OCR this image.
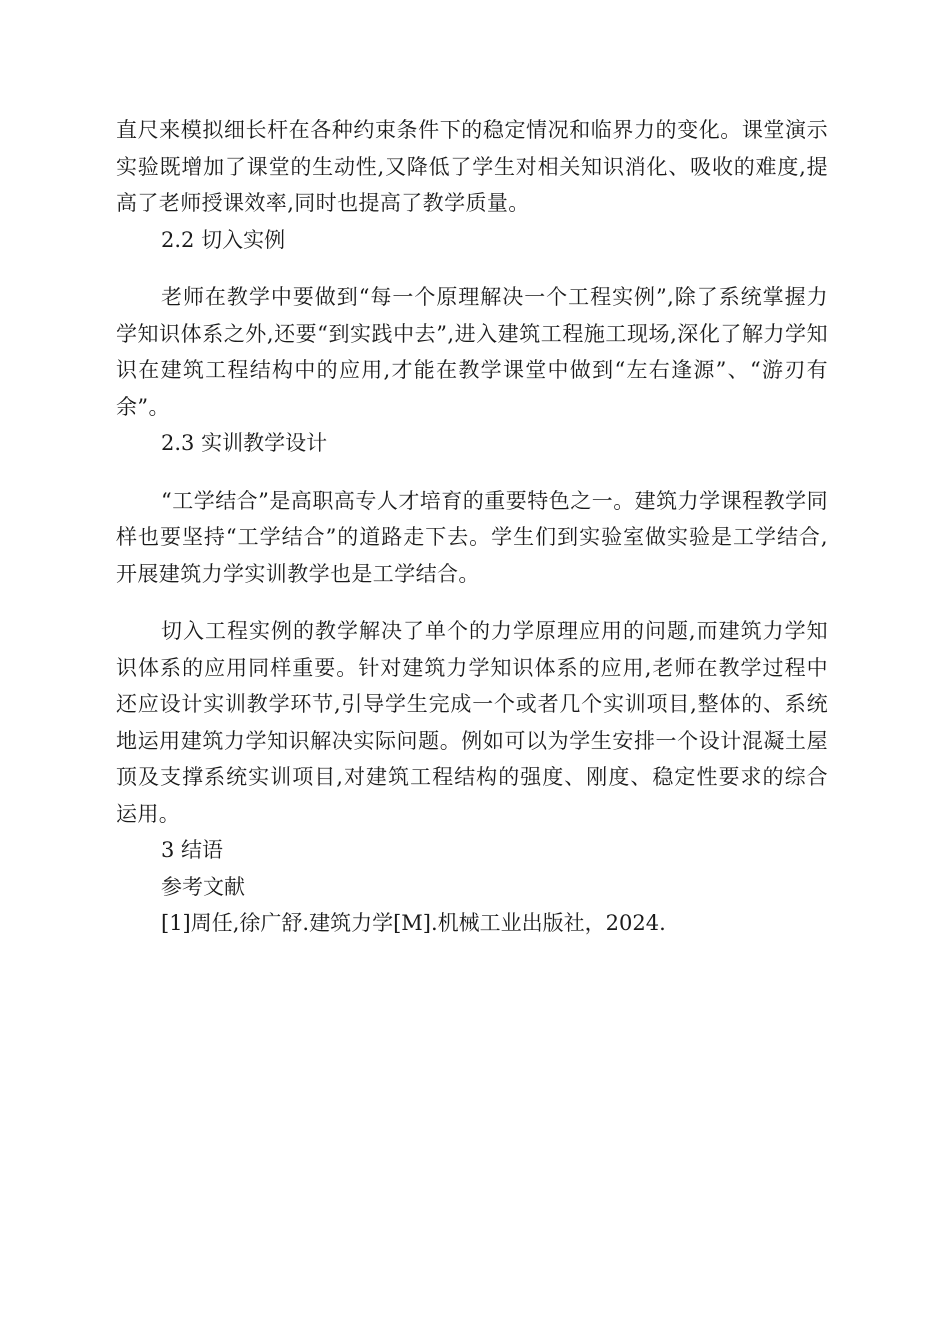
直尺来模拟细长杆在各种约束条件下的稳定情况和临界力的变化。课堂演示实验既增加了课堂的生动性,又降低了学生对相关知识消化、吸收的难度,提高了老师授课效率,同时也提高了教学质量。

2.2 切入实例

老师在教学中要做到“每一个原理解决一个工程实例”,除了系统掌握力学知识体系之外,还要“到实践中去”,进入建筑工程施工现场,深化了解力学知识在建筑工程结构中的应用,才能在教学课堂中做到“左右逢源”、“游刃有余”。

2.3 实训教学设计

“工学结合”是高职高专人才培育的重要特色之一。建筑力学课程教学同样也要坚持“工学结合”的道路走下去。学生们到实验室做实验是工学结合,开展建筑力学实训教学也是工学结合。

切入工程实例的教学解决了单个的力学原理应用的问题,而建筑力学知识体系的应用同样重要。针对建筑力学知识体系的应用,老师在教学过程中还应设计实训教学环节,引导学生完成一个或者几个实训项目,整体的、系统地运用建筑力学知识解决实际问题。例如可以为学生安排一个设计混凝土屋顶及支撑系统实训项目,对建筑工程结构的强度、刚度、稳定性要求的综合运用。

3 结语

参考文献

[1]周任,徐广舒.建筑力学[M].机械工业出版社，2024.
